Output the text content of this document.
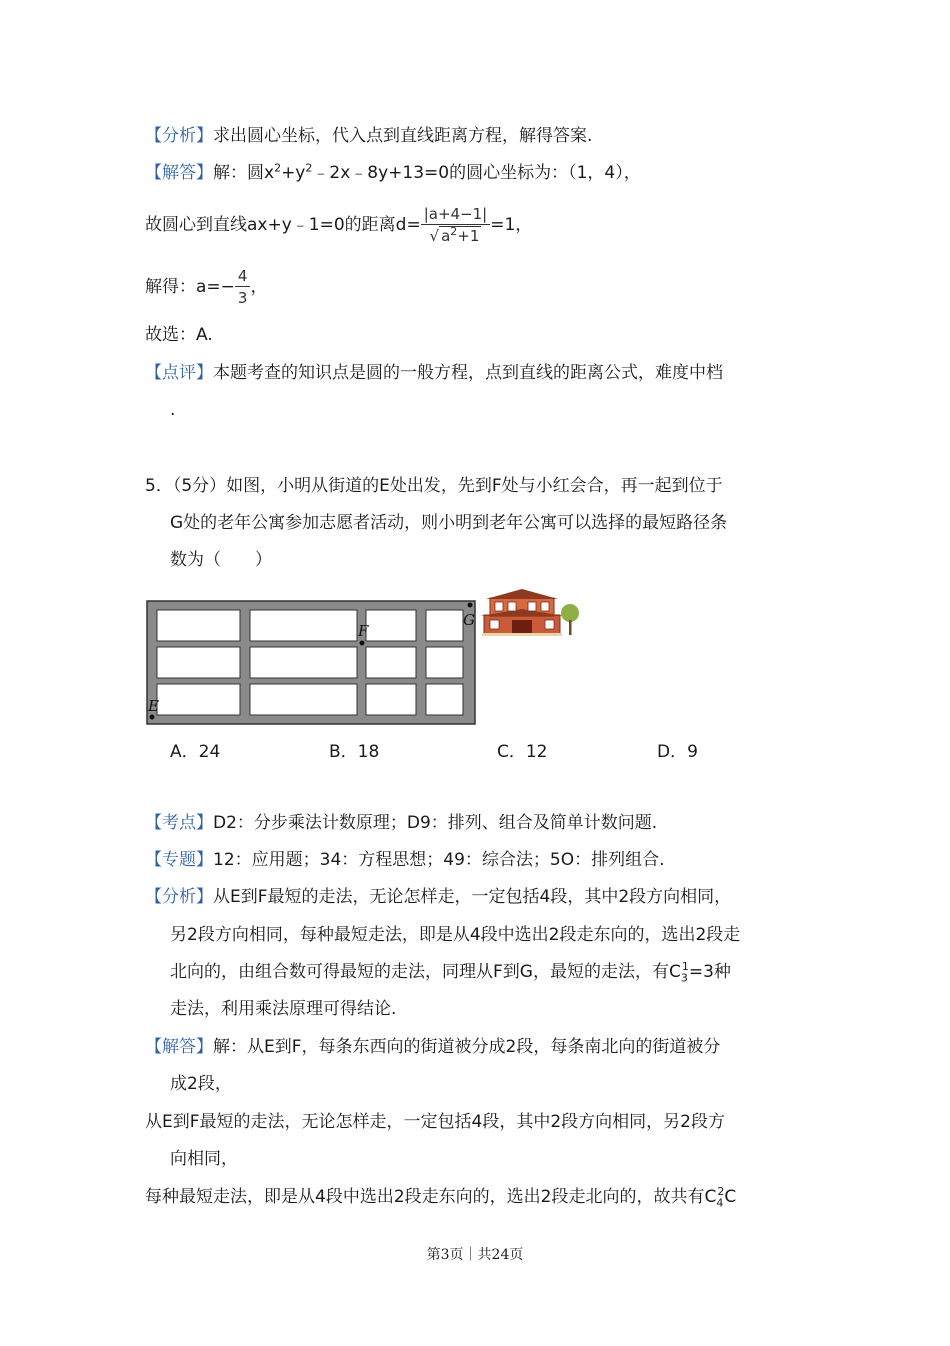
【分析】求出圆心坐标，代入点到直线距离方程，解得答案.
【解答】解：圆$x^2+y^2﹣2x﹣8y+13=0$的圆心坐标为：（1，4），
故圆心到直线ax+y﹣1=0的距离$d= \frac{|a+4-1|}{√ a^2+1} =1$，
解得：$a=- \frac{4}{3}$ ，
故选：A.
【点评】本题考查的知识点是圆的一般方程，点到直线的距离公式，难度中档
.
5．（5分）如图，小明从街道的E处出发，先到F处与小红会合，再一起到位于
G处的老年公寓参加志愿者活动，则小明到老年公寓可以选择的最短路径条
数为（　　）
E
F
G
A．24	B．18	C．12	D．9
【考点】D2：分步乘法计数原理；D9：排列、组合及简单计数问题.
【专题】12：应用题；34：方程思想；49：综合法；5O：排列组合.
【分析】从E到F最短的走法，无论怎样走，一定包括4段，其中2段方向相同，
另2段方向相同，每种最短走法，即是从4段中选出2段走东向的，选出2段走
北向的，由组合数可得最短的走法，同理从F到G，最短的走法，有$C_3^1=3$种
走法，利用乘法原理可得结论.
【解答】解：从E到F，每条东西向的街道被分成2段，每条南北向的街道被分
成2段，
从E到F最短的走法，无论怎样走，一定包括4段，其中2段方向相同，另2段方
向相同，
每种最短走法，即是从4段中选出2段走东向的，选出2段走北向的，故共有$C_4^2C$
第3页｜共24页
